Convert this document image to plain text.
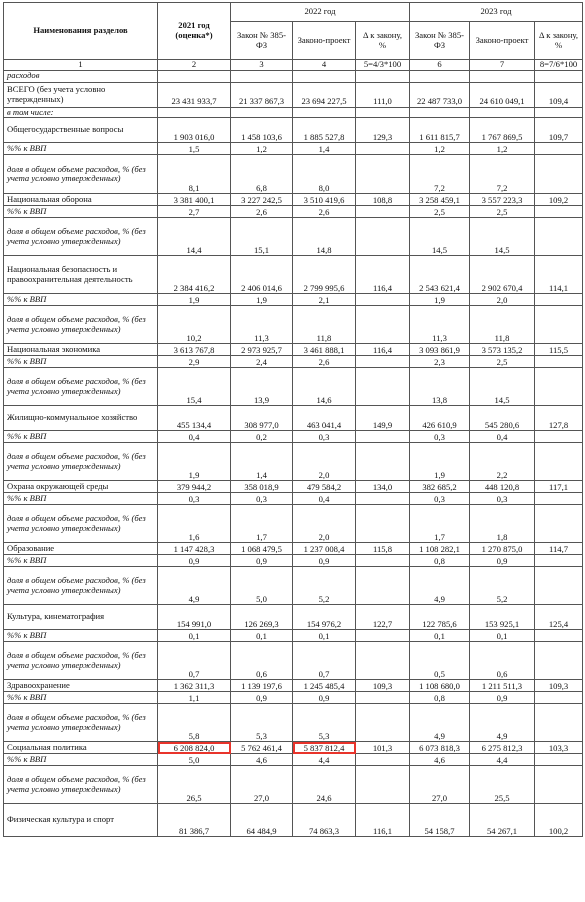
Наименования разделов	2021 год (оценка*)	2022 год			2023 год		
		Закон № 385-ФЗ	Законо-проект	Δ к закону, %	Закон № 385-ФЗ	Законо-проект	Δ к закону, %
1	2	3	4	5=4/3*100	6	7	8=7/6*100
расходов							
ВСЕГО (без учета условно утвержденных)	23 431 933,7	21 337 867,3	23 694 227,5	111,0	22 487 733,0	24 610 049,1	109,4
в том числе:							
Общегосударственные вопросы	1 903 016,0	1 458 103,6	1 885 527,8	129,3	1 611 815,7	1 767 869,5	109,7
%% к ВВП	1,5	1,2	1,4		1,2	1,2	
доля в общем объеме расходов, % (без учета условно утвержденных)	8,1	6,8	8,0		7,2	7,2	
Национальная оборона	3 381 400,1	3 227 242,5	3 510 419,6	108,8	3 258 459,1	3 557 223,3	109,2
%% к ВВП	2,7	2,6	2,6		2,5	2,5	
доля в общем объеме расходов, % (без учета условно утвержденных)	14,4	15,1	14,8		14,5	14,5	
Национальная безопасность и правоохранительная деятельность	2 384 416,2	2 406 014,6	2 799 995,6	116,4	2 543 621,4	2 902 670,4	114,1
%% к ВВП	1,9	1,9	2,1		1,9	2,0	
доля в общем объеме расходов, % (без учета условно утвержденных)	10,2	11,3	11,8		11,3	11,8	
Национальная экономика	3 613 767,8	2 973 925,7	3 461 888,1	116,4	3 093 861,9	3 573 135,2	115,5
%% к ВВП	2,9	2,4	2,6		2,3	2,5	
доля в общем объеме расходов, % (без учета условно утвержденных)	15,4	13,9	14,6		13,8	14,5	
Жилищно-коммунальное хозяйство	455 134,4	308 977,0	463 041,4	149,9	426 610,9	545 280,6	127,8
%% к ВВП	0,4	0,2	0,3		0,3	0,4	
доля в общем объеме расходов, % (без учета условно утвержденных)	1,9	1,4	2,0		1,9	2,2	
Охрана окружающей среды	379 944,2	358 018,9	479 584,2	134,0	382 685,2	448 120,8	117,1
%% к ВВП	0,3	0,3	0,4		0,3	0,3	
доля в общем объеме расходов, % (без учета условно утвержденных)	1,6	1,7	2,0		1,7	1,8	
Образование	1 147 428,3	1 068 479,5	1 237 008,4	115,8	1 108 282,1	1 270 875,0	114,7
%% к ВВП	0,9	0,9	0,9		0,8	0,9	
доля в общем объеме расходов, % (без учета условно утвержденных)	4,9	5,0	5,2		4,9	5,2	
Культура, кинематография	154 991,0	126 269,3	154 976,2	122,7	122 785,6	153 925,1	125,4
%% к ВВП	0,1	0,1	0,1		0,1	0,1	
доля в общем объеме расходов, % (без учета условно утвержденных)	0,7	0,6	0,7		0,5	0,6	
Здравоохранение	1 362 311,3	1 139 197,6	1 245 485,4	109,3	1 108 680,0	1 211 511,3	109,3
%% к ВВП	1,1	0,9	0,9		0,8	0,9	
доля в общем объеме расходов, % (без учета условно утвержденных)	5,8	5,3	5,3		4,9	4,9	
Социальная политика	6 208 824,0	5 762 461,4	5 837 812,4	101,3	6 073 818,3	6 275 812,3	103,3
%% к ВВП	5,0	4,6	4,4		4,6	4,4	
доля в общем объеме расходов, % (без учета условно утвержденных)	26,5	27,0	24,6		27,0	25,5	
Физическая культура и спорт	81 386,7	64 484,9	74 863,3	116,1	54 158,7	54 267,1	100,2
